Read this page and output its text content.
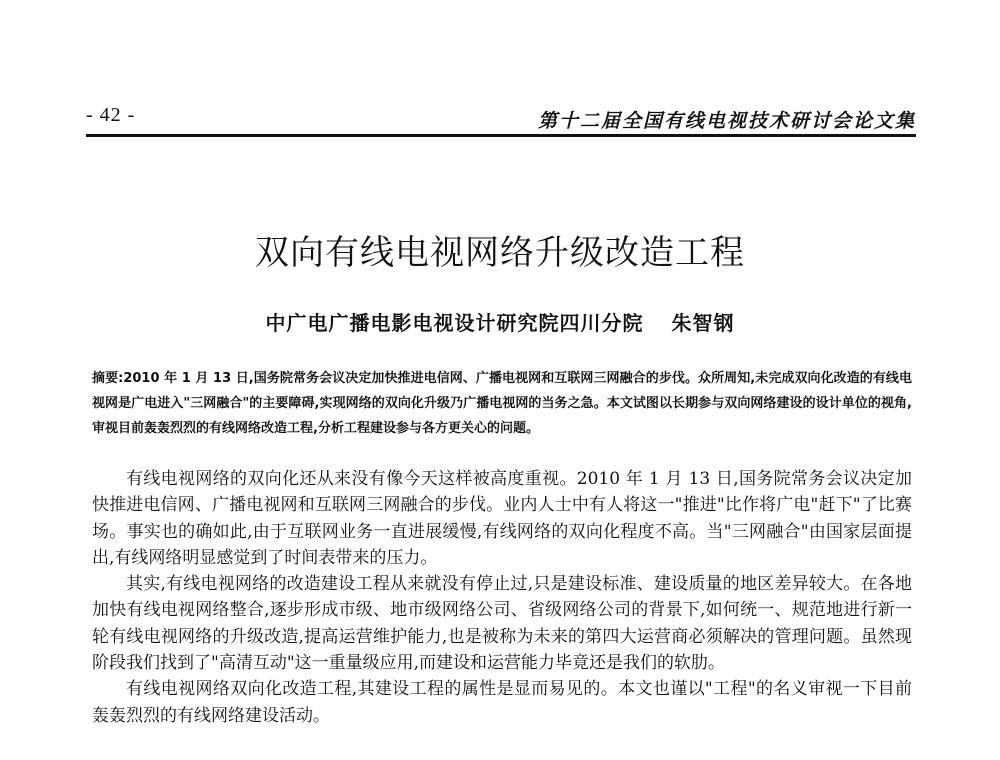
- 42 -	第十二届全国有线电视技术研讨会论文集
双向有线电视网络升级改造工程
中广电广播电影电视设计研究院四川分院 朱智钢
摘要:2010 年 1 月 13 日,国务院常务会议决定加快推进电信网、广播电视网和互联网三网融合的步伐。众所周知,未完成双向化改造的有线电视网是广电进入"三网融合"的主要障碍,实现网络的双向化升级乃广播电视网的当务之急。本文试图以长期参与双向网络建设的设计单位的视角,审视目前轰轰烈烈的有线网络改造工程,分析工程建设参与各方更关心的问题。

有线电视网络的双向化还从来没有像今天这样被高度重视。2010 年 1 月 13 日,国务院常务会议决定加快推进电信网、广播电视网和互联网三网融合的步伐。业内人士中有人将这一"推进"比作将广电"赶下"了比赛场。事实也的确如此,由于互联网业务一直进展缓慢,有线网络的双向化程度不高。当"三网融合"由国家层面提出,有线网络明显感觉到了时间表带来的压力。

其实,有线电视网络的改造建设工程从来就没有停止过,只是建设标准、建设质量的地区差异较大。在各地加快有线电视网络整合,逐步形成市级、地市级网络公司、省级网络公司的背景下,如何统一、规范地进行新一轮有线电视网络的升级改造,提高运营维护能力,也是被称为未来的第四大运营商必须解决的管理问题。虽然现阶段我们找到了"高清互动"这一重量级应用,而建设和运营能力毕竟还是我们的软肋。

有线电视网络双向化改造工程,其建设工程的属性是显而易见的。本文也谨以"工程"的名义审视一下目前轰轰烈烈的有线网络建设活动。
